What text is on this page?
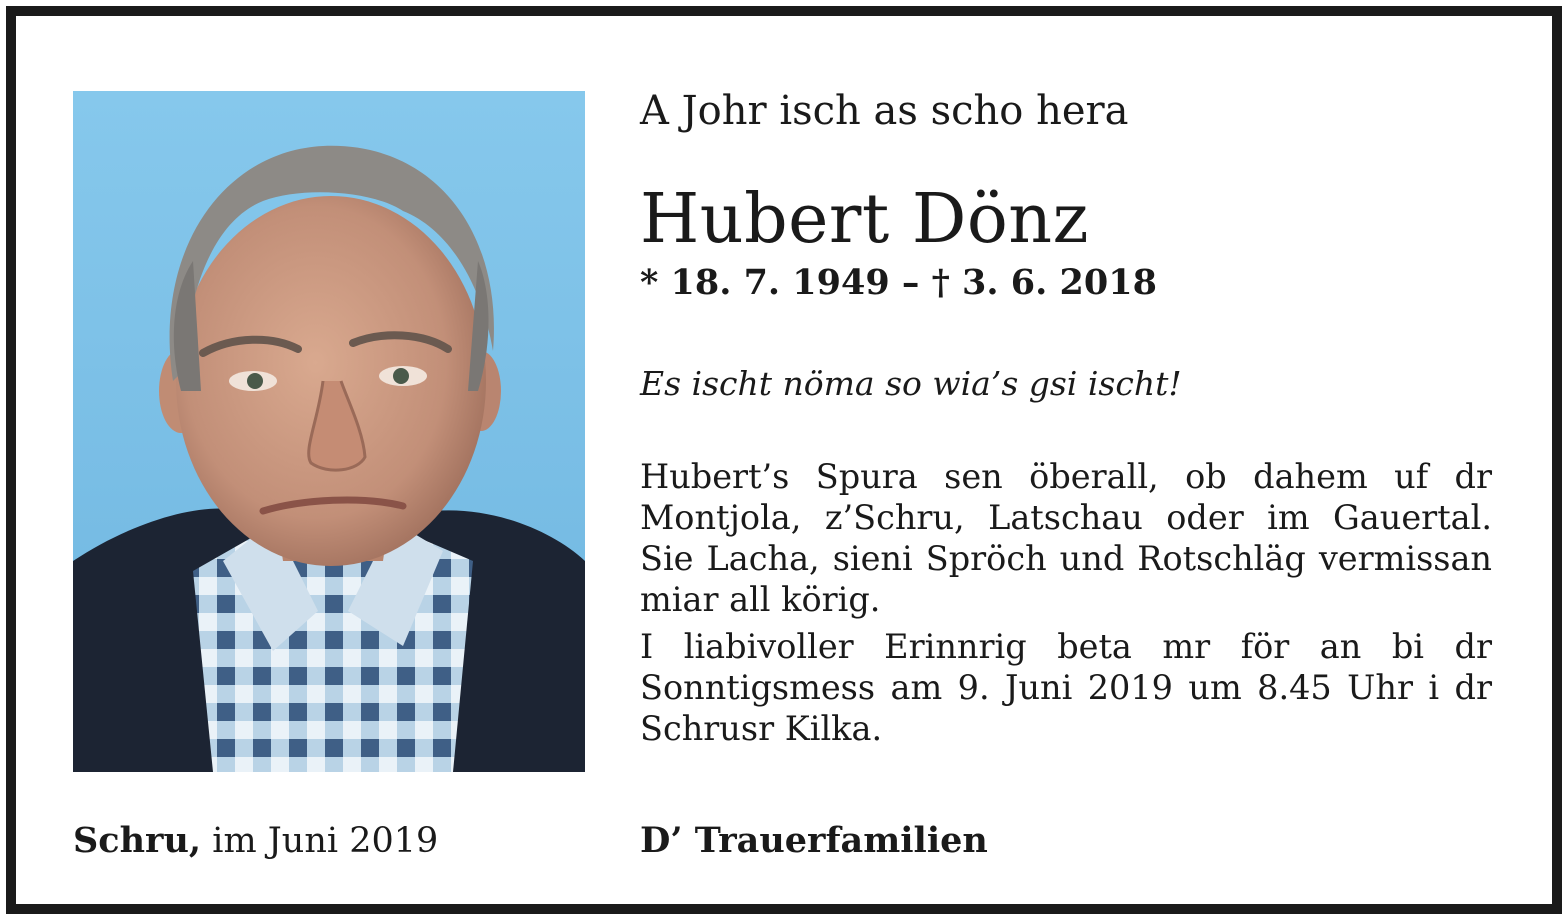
A Johr isch as scho hera
Hubert Dönz
* 18. 7. 1949 – † 3. 6. 2018
Es ischt nöma so wia’s gsi ischt!

Hubert’s Spura sen öberall, ob dahem uf dr Montjola, z’Schru, Latschau oder im Gauertal. Sie Lacha, sieni Spröch und Rotschläg vermissan miar all körig.

I liabivoller Erinnrig beta mr för an bi dr Sonntigsmess am 9. Juni 2019 um 8.45 Uhr i dr Schrusr Kilka.

Schru, im Juni 2019	D’ Trauerfamilien
